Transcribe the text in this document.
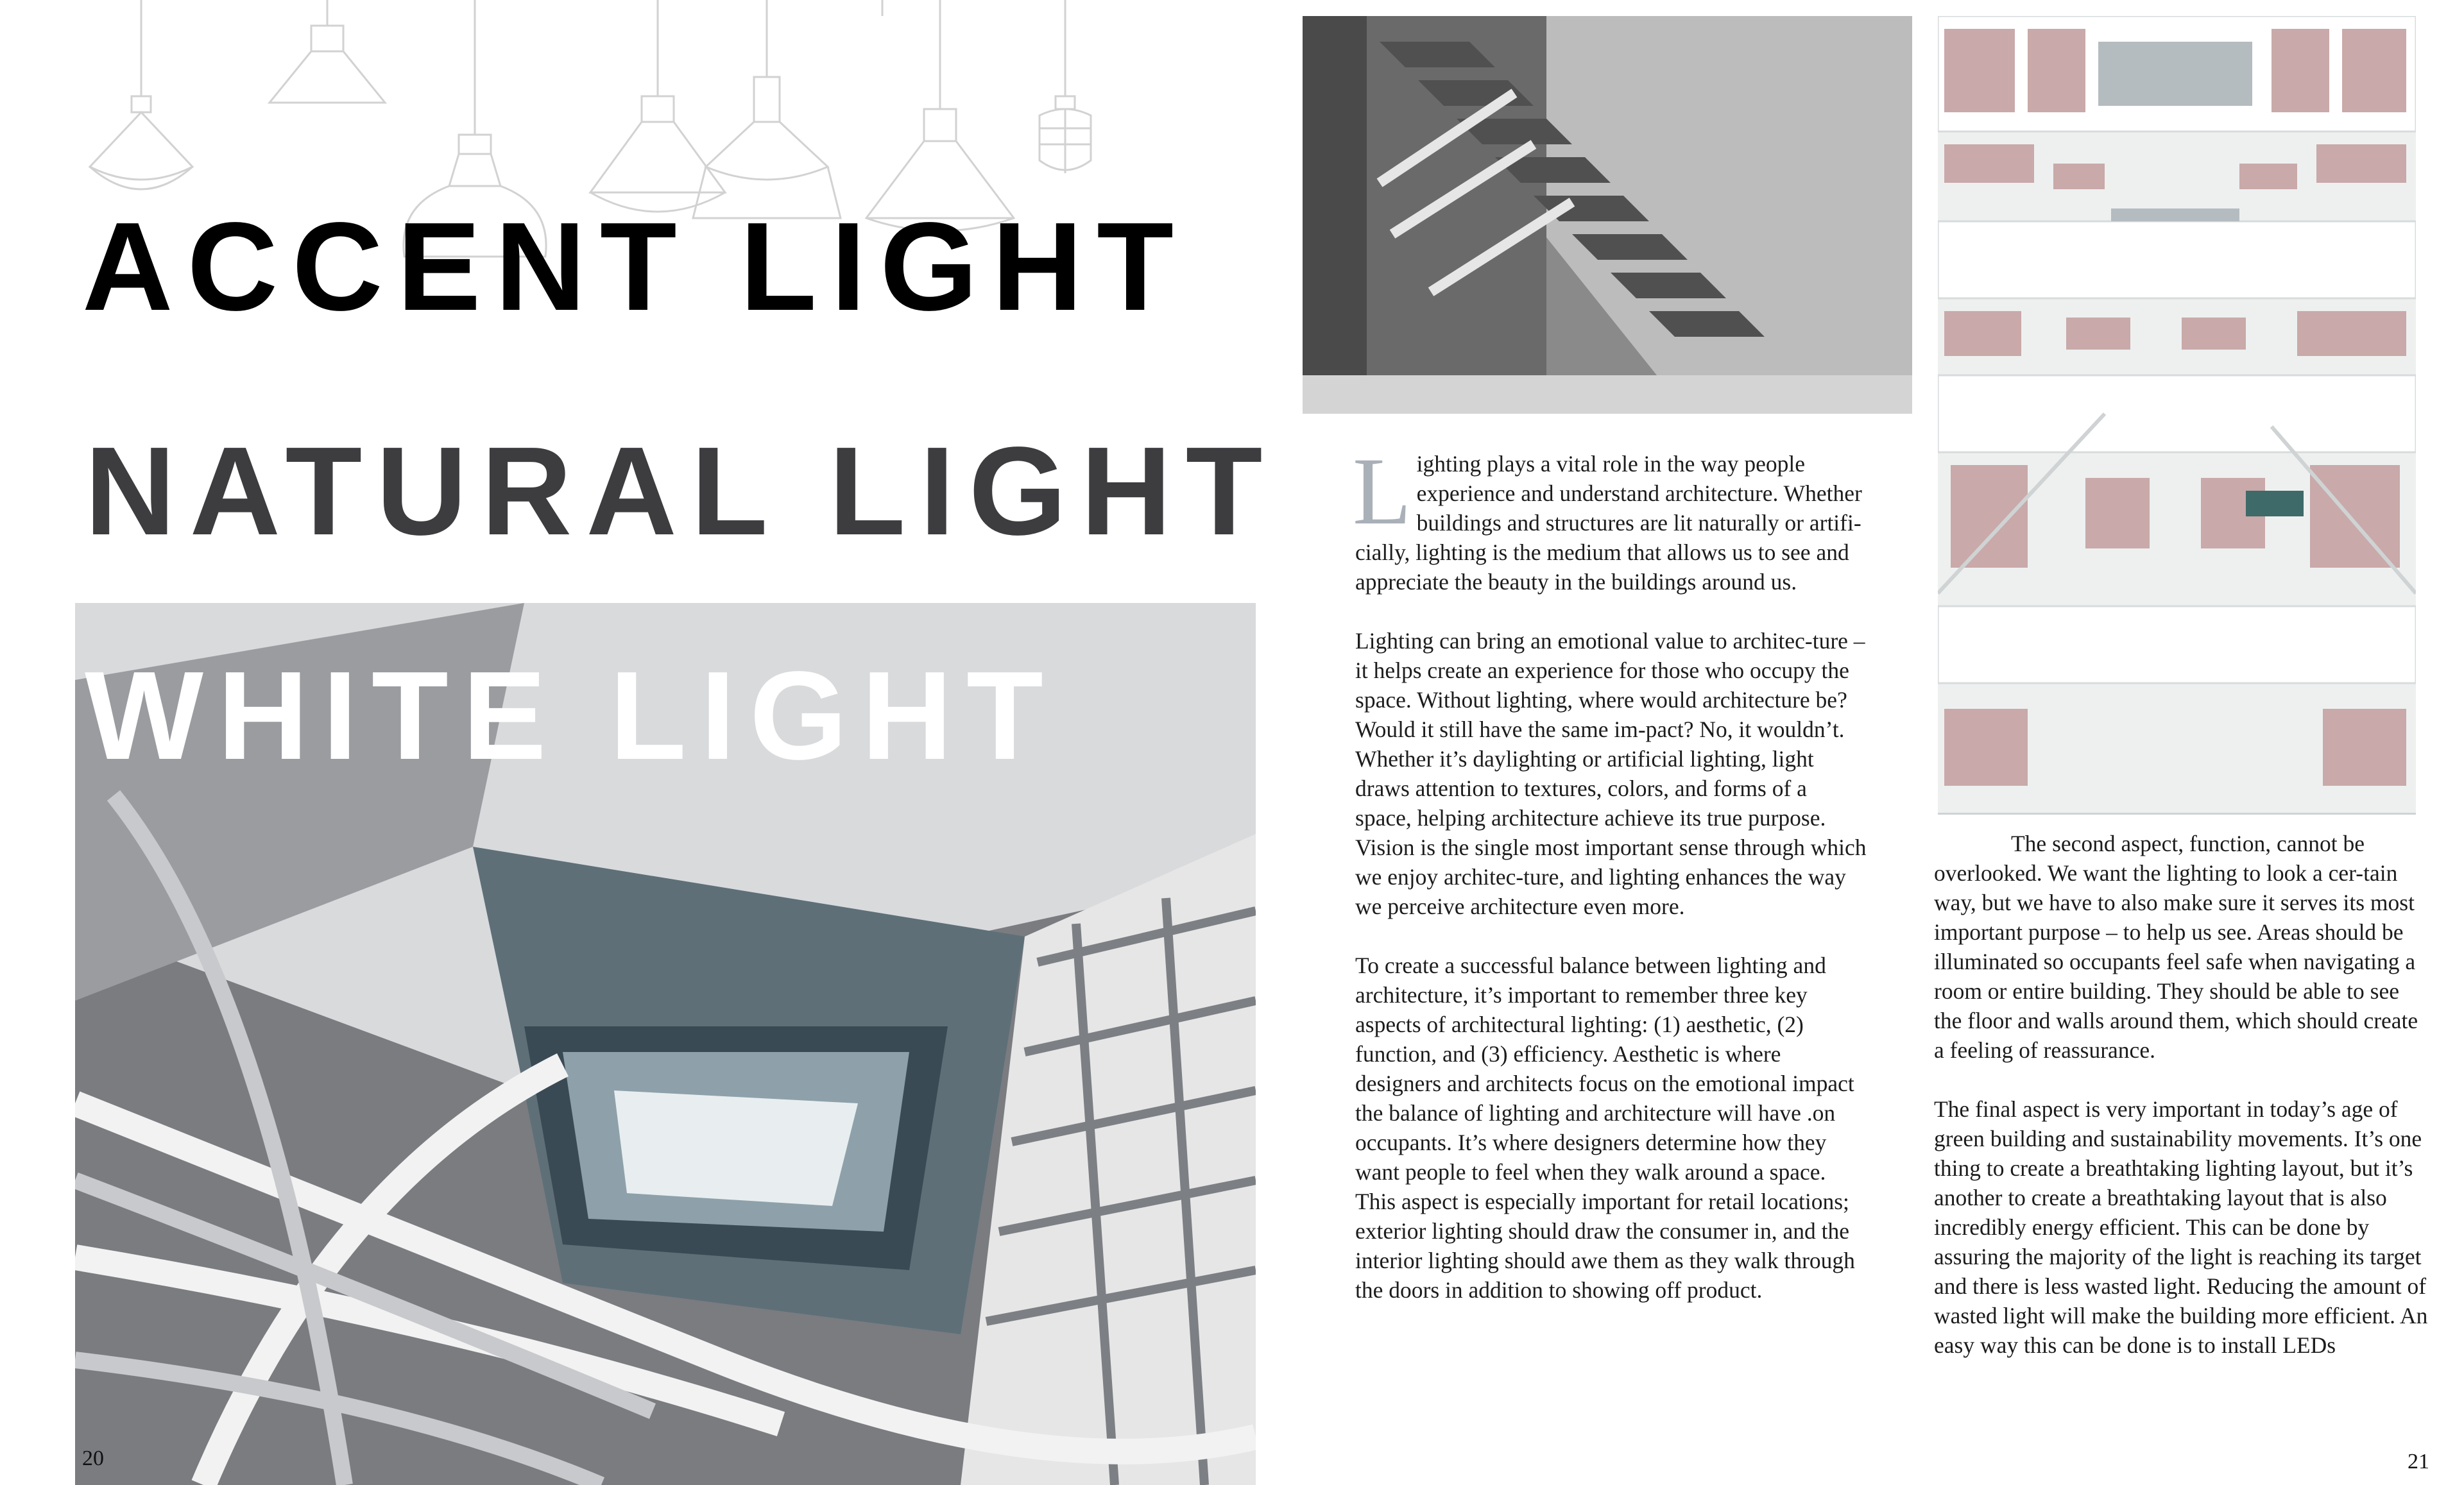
ACCENT LIGHT
NATURAL LIGHT
WHITE LIGHT

Lighting plays a vital role in the way people experience and understand architecture. Whether buildings and structures are lit naturally or artifi-cially, lighting is the medium that allows us to see and appreciate the beauty in the buildings around us.

Lighting can bring an emotional value to architec-ture – it helps create an experience for those who occupy the space. Without lighting, where would architecture be? Would it still have the same im-pact? No, it wouldn’t. Whether it’s daylighting or artificial lighting, light draws attention to textures, colors, and forms of a space, helping architecture achieve its true purpose. Vision is the single most important sense through which we enjoy architec-ture, and lighting enhances the way we perceive architecture even more.

To create a successful balance between lighting and architecture, it’s important to remember three key aspects of architectural lighting: (1) aesthetic, (2) function, and (3) efficiency. Aesthetic is where designers and architects focus on the emotional impact the balance of lighting and architecture will have .on occupants. It’s where designers determine how they want people to feel when they walk around a space. This aspect is especially important for retail locations; exterior lighting should draw the consumer in, and the interior lighting should awe them as they walk through the doors in addition to showing off product.

The second aspect, function, cannot be overlooked. We want the lighting to look a cer-tain way, but we have to also make sure it serves its most important purpose – to help us see. Areas should be illuminated so occupants feel safe when navigating a room or entire building. They should be able to see the floor and walls around them, which should create a feeling of reassurance.

The final aspect is very important in today’s age of green building and sustainability movements. It’s one thing to create a breathtaking lighting layout, but it’s another to create a breathtaking layout that is also incredibly energy efficient. This can be done by assuring the majority of the light is reaching its target and there is less wasted light. Reducing the amount of wasted light will make the building more efficient. An easy way this can be done is to install LEDs

20	21
